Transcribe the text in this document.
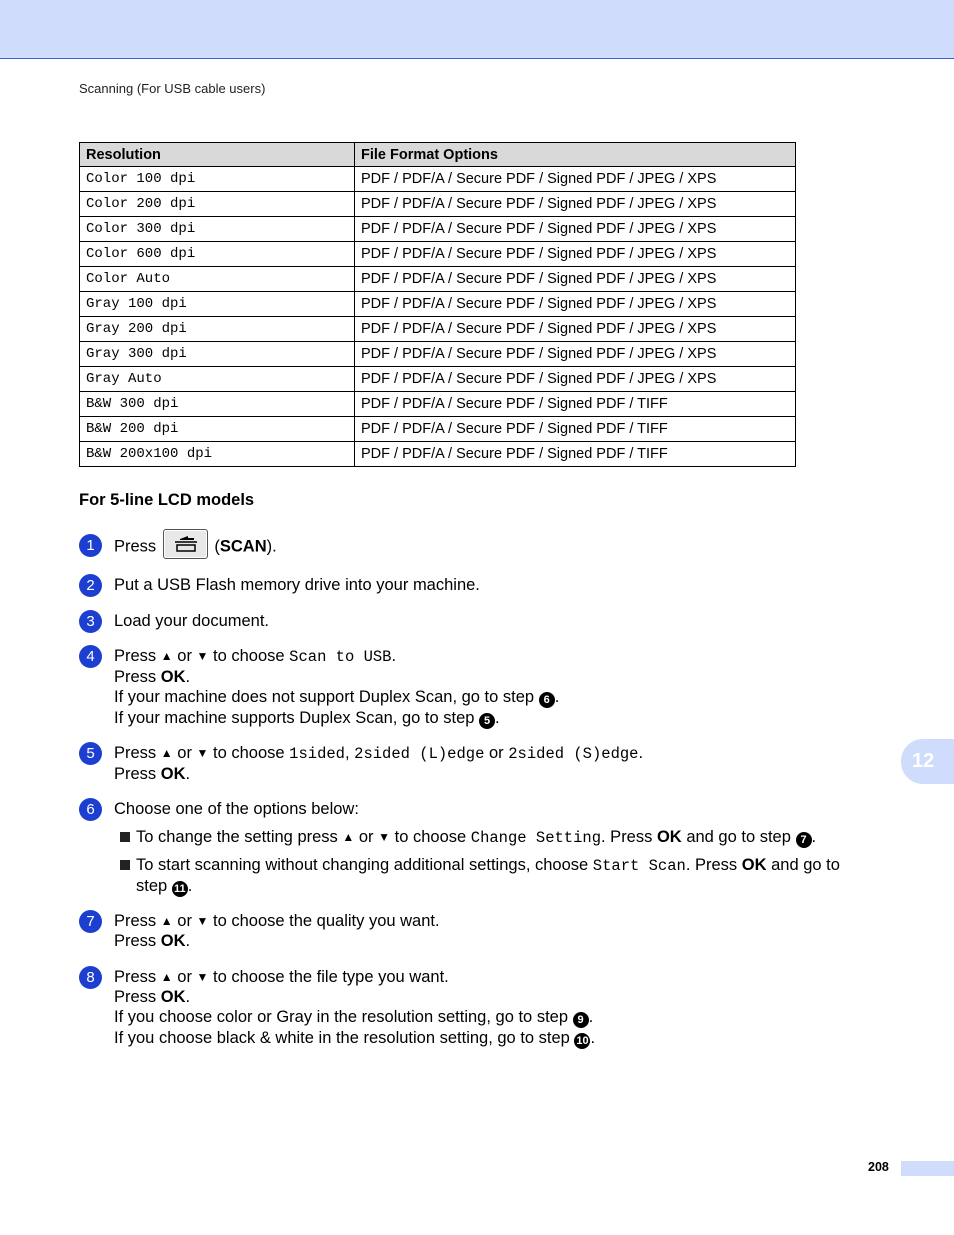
Scanning (For USB cable users)
Resolution	File Format Options
Color 100 dpi	PDF / PDF/A / Secure PDF / Signed PDF / JPEG / XPS
Color 200 dpi	PDF / PDF/A / Secure PDF / Signed PDF / JPEG / XPS
Color 300 dpi	PDF / PDF/A / Secure PDF / Signed PDF / JPEG / XPS
Color 600 dpi	PDF / PDF/A / Secure PDF / Signed PDF / JPEG / XPS
Color Auto	PDF / PDF/A / Secure PDF / Signed PDF / JPEG / XPS
Gray 100 dpi	PDF / PDF/A / Secure PDF / Signed PDF / JPEG / XPS
Gray 200 dpi	PDF / PDF/A / Secure PDF / Signed PDF / JPEG / XPS
Gray 300 dpi	PDF / PDF/A / Secure PDF / Signed PDF / JPEG / XPS
Gray Auto	PDF / PDF/A / Secure PDF / Signed PDF / JPEG / XPS
B&W 300 dpi	PDF / PDF/A / Secure PDF / Signed PDF / TIFF
B&W 200 dpi	PDF / PDF/A / Secure PDF / Signed PDF / TIFF
B&W 200x100 dpi	PDF / PDF/A / Secure PDF / Signed PDF / TIFF
For 5-line LCD models
1	Press	(SCAN).
2	Put a USB Flash memory drive into your machine.
3	Load your document.
4	Press ▲ or ▼ to choose Scan to USB.
Press OK.
If your machine does not support Duplex Scan, go to step 6 .
If your machine supports Duplex Scan, go to step 5 .
5	Press ▲ or ▼ to choose 1sided, 2sided (L)edge or 2sided (S)edge.
Press OK.
6	Choose one of the options below:
To change the setting press ▲ or ▼ to choose Change Setting. Press OK and go to step 7 .
To start scanning without changing additional settings, choose Start Scan. Press OK and go to
step 11 .
7	Press ▲ or ▼ to choose the quality you want.
Press OK.
8	Press ▲ or ▼ to choose the file type you want.
Press OK.
If you choose color or Gray in the resolution setting, go to step 9 .
If you choose black & white in the resolution setting, go to step 10 .
12
208
